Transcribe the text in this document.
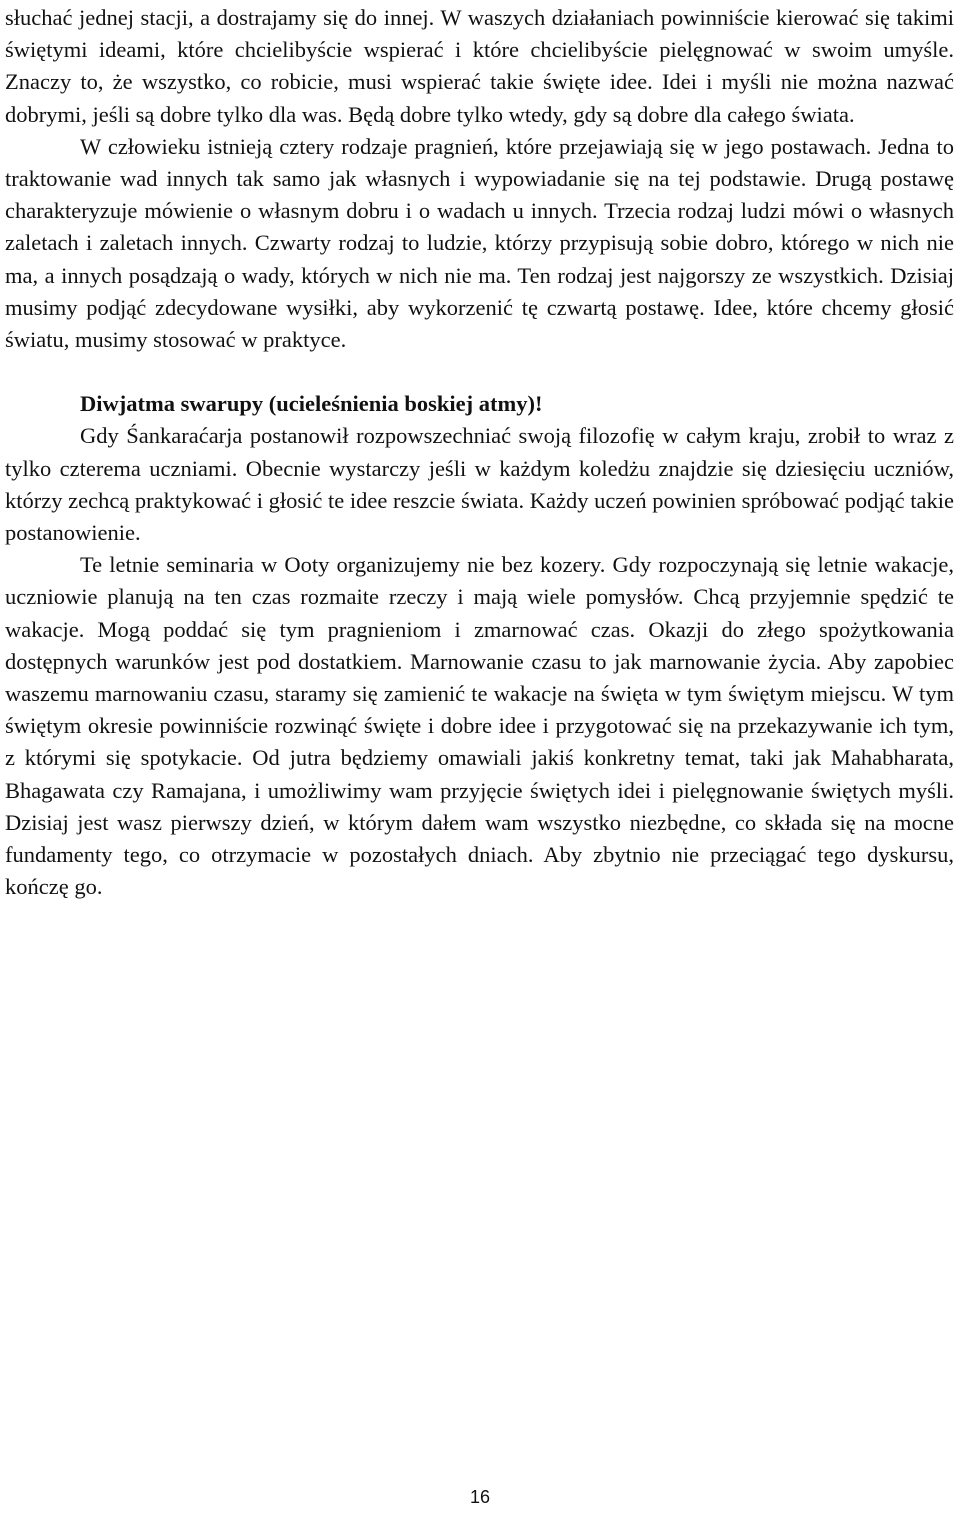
słuchać jednej stacji, a dostrajamy się do innej. W waszych działaniach powinniście kierować się takimi świętymi ideami, które chcielibyście wspierać i które chcielibyście pielęgnować w swoim umyśle. Znaczy to, że wszystko, co robicie, musi wspierać takie święte idee. Idei i myśli nie można nazwać dobrymi, jeśli są dobre tylko dla was. Będą dobre tylko wtedy, gdy są dobre dla całego świata.

W człowieku istnieją cztery rodzaje pragnień, które przejawiają się w jego postawach. Jedna to traktowanie wad innych tak samo jak własnych i wypowiadanie się na tej podstawie. Drugą postawę charakteryzuje mówienie o własnym dobru i o wadach u innych. Trzecia rodzaj ludzi mówi o własnych zaletach i zaletach innych. Czwarty rodzaj to ludzie, którzy przypisują sobie dobro, którego w nich nie ma, a innych posądzają o wady, których w nich nie ma. Ten rodzaj jest najgorszy ze wszystkich. Dzisiaj musimy podjąć zdecydowane wysiłki, aby wykorzenić tę czwartą postawę. Idee, które chcemy głosić światu, musimy stosować w praktyce.

Diwjatma swarupy (ucieleśnienia boskiej atmy)!

Gdy Śankaraćarja postanowił rozpowszechniać swoją filozofię w całym kraju, zrobił to wraz z tylko czterema uczniami. Obecnie wystarczy jeśli w każdym koledżu znajdzie się dziesięciu uczniów, którzy zechcą praktykować i głosić te idee reszcie świata. Każdy uczeń powinien spróbować podjąć takie postanowienie.

Te letnie seminaria w Ooty organizujemy nie bez kozery. Gdy rozpoczynają się letnie wakacje, uczniowie planują na ten czas rozmaite rzeczy i mają wiele pomysłów. Chcą przyjemnie spędzić te wakacje. Mogą poddać się tym pragnieniom i zmarnować czas. Okazji do złego spożytkowania dostępnych warunków jest pod dostatkiem. Marnowanie czasu to jak marnowanie życia. Aby zapobiec waszemu marnowaniu czasu, staramy się zamienić te wakacje na święta w tym świętym miejscu. W tym świętym okresie powinniście rozwinąć święte i dobre idee i przygotować się na przekazywanie ich tym, z którymi się spotykacie. Od jutra będziemy omawiali jakiś konkretny temat, taki jak Mahabharata, Bhagawata czy Ramajana, i umożliwimy wam przyjęcie świętych idei i pielęgnowanie świętych myśli. Dzisiaj jest wasz pierwszy dzień, w którym dałem wam wszystko niezbędne, co składa się na mocne fundamenty tego, co otrzymacie w pozostałych dniach. Aby zbytnio nie przeciągać tego dyskursu, kończę go.

16
